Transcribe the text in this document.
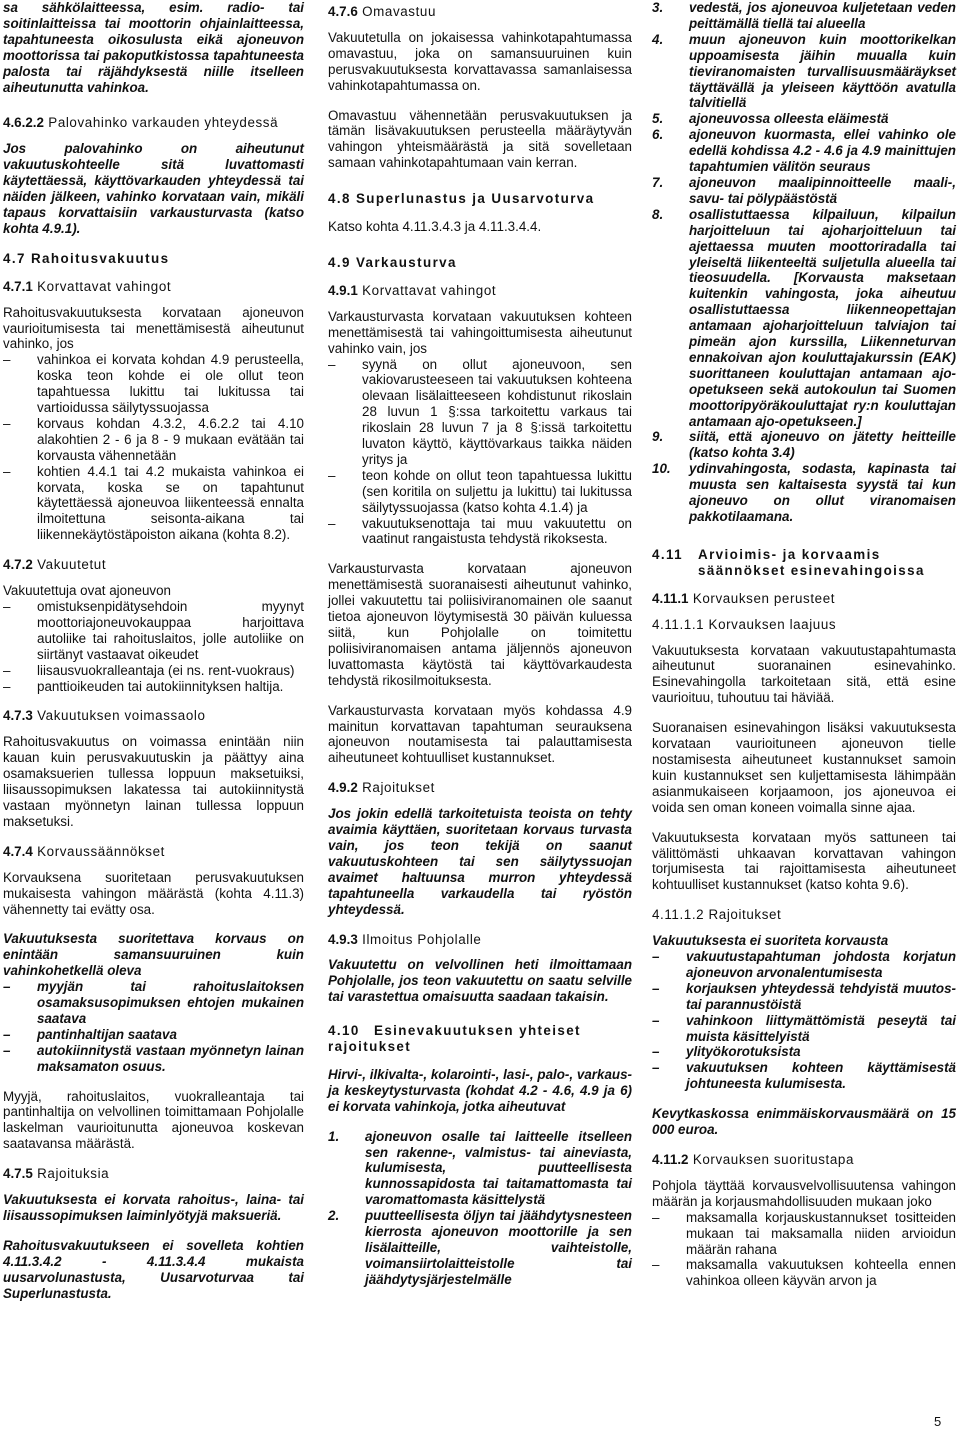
sa sähkölaitteessa, esim. radio- tai soitinlaitteissa tai moottorin ohjainlaitteessa, tapahtuneesta oikosulusta eikä ajoneuvon moottorissa tai pakoputkistossa tapahtuneesta palosta tai räjähdyksestä niille itselleen aiheutunutta vahinkoa.

4.6.2.2 Palovahinko varkauden yhteydessä

Jos palovahinko on aiheutunut vakuutuskohteelle sitä luvattomasti käytettäessä, käyttövarkauden yhteydessä tai näiden jälkeen, vahinko korvataan vain, mikäli tapaus korvattaisiin varkausturvasta (katso kohta 4.9.1).

4.7 Rahoitusvakuutus
4.7.1 Korvattavat vahingot

Rahoitusvakuutuksesta korvataan ajoneuvon vaurioitumisesta tai menettämisestä aiheutunut vahinko, jos

– vahinkoa ei korvata kohdan 4.9 perusteella, koska teon kohde ei ole ollut teon tapahtuessa lukittu tai lukitussa tai vartioidussa säilytyssuojassa
– korvaus kohdan 4.3.2, 4.6.2.2 tai 4.10 alakohtien 2 - 6 ja 8 - 9 mukaan evätään tai korvausta vähennetään
– kohtien 4.4.1 tai 4.2 mukaista vahinkoa ei korvata, koska se on tapahtunut käytettäessä ajoneuvoa liikenteessä ennalta ilmoitettuna seisonta-aikana tai liikennekäytöstäpoiston aikana (kohta 8.2).
4.7.2 Vakuutetut

Vakuutettuja ovat ajoneuvon

– omistuksenpidätysehdoin myynyt moottoriajoneuvokauppaa harjoittava autoliike tai rahoituslaitos, jolle autoliike on siirtänyt vastaavat oikeudet
– liisausvuokralleantaja (ei ns. rent-vuokraus)
– panttioikeuden tai autokiinnityksen haltija.
4.7.3 Vakuutuksen voimassaolo

Rahoitusvakuutus on voimassa enintään niin kauan kuin perusvakuutuskin ja päättyy aina osamaksuerien tullessa loppuun maksetuiksi, liisaussopimuksen lakatessa tai autokiinnitystä vastaan myönnetyn lainan tullessa loppuun maksetuksi.

4.7.4 Korvaussäännökset

Korvauksena suoritetaan perusvakuutuksen mukaisesta vahingon määrästä (kohta 4.11.3) vähennetty tai evätty osa.

Vakuutuksesta suoritettava korvaus on enintään samansuuruinen kuin vahinkohetkellä oleva

– myyjän tai rahoituslaitoksen osamaksusopimuksen ehtojen mukainen saatava
– pantinhaltijan saatava
– autokiinnitystä vastaan myönnetyn lainan maksamaton osuus.

Myyjä, rahoituslaitos, vuokralleantaja tai pantinhaltija on velvollinen toimittamaan Pohjolalle laskelman vaurioitunutta ajoneuvoa koskevan saatavansa määrästä.

4.7.5 Rajoituksia

Vakuutuksesta ei korvata rahoitus-, laina- tai liisaussopimuksen laiminlyötyjä maksueriä.

Rahoitusvakuutukseen ei sovelleta kohtien 4.11.3.4.2 - 4.11.3.4.4 mukaista uusarvolunastusta, Uusarvoturvaa tai Superlunastusta.

4.7.6 Omavastuu

Vakuutetulla on jokaisessa vahinkotapahtumassa omavastuu, joka on samansuuruinen kuin perusvakuutuksesta korvattavassa samanlaisessa vahinkotapahtumassa on.

Omavastuu vähennetään perusvakuutuksen ja tämän lisävakuutuksen perusteella määräytyvän vahingon yhteismäärästä ja sitä sovelletaan samaan vahinkotapahtumaan vain kerran.

4.8 Superlunastus ja Uusarvoturva

Katso kohta 4.11.3.4.3 ja 4.11.3.4.4.

4.9 Varkausturva
4.9.1 Korvattavat vahingot

Varkausturvasta korvataan vakuutuksen kohteen menettämisestä tai vahingoittumisesta aiheutunut vahinko vain, jos

– syynä on ollut ajoneuvoon, sen vakiovarusteeseen tai vakuutuksen kohteena olevaan lisälaitteeseen kohdistunut rikoslain 28 luvun 1 §:ssa tarkoitettu varkaus tai rikoslain 28 luvun 7 ja 8 §:issä tarkoitettu luvaton käyttö, käyttövarkaus taikka näiden yritys ja
– teon kohde on ollut teon tapahtuessa lukittu (sen koritila on suljettu ja lukittu) tai lukitussa säilytyssuojassa (katso kohta 4.1.4) ja
– vakuutuksenottaja tai muu vakuutettu on vaatinut rangaistusta tehdystä rikoksesta.

Varkausturvasta korvataan ajoneuvon menettämisestä suoranaisesti aiheutunut vahinko, jollei vakuutettu tai poliisiviranomainen ole saanut tietoa ajoneuvon löytymisestä 30 päivän kuluessa siitä, kun Pohjolalle on toimitettu poliisiviranomaisen antama jäljennös ajoneuvon luvattomasta käytöstä tai käyttövarkaudesta tehdystä rikosilmoituksesta.

Varkausturvasta korvataan myös kohdassa 4.9 mainitun korvattavan tapahtuman seurauksena ajoneuvon noutamisesta tai palauttamisesta aiheutuneet kohtuulliset kustannukset.

4.9.2 Rajoitukset

Jos jokin edellä tarkoitetuista teoista on tehty avaimia käyttäen, suoritetaan korvaus turvasta vain, jos teon tekijä on saanut vakuutuskohteen tai sen säilytyssuojan avaimet haltuunsa murron yhteydessä tapahtuneella varkaudella tai ryöstön yhteydessä.

4.9.3 Ilmoitus Pohjolalle

Vakuutettu on velvollinen heti ilmoittamaan Pohjolalle, jos teon vakuutettu on saatu selville tai varastettua omaisuutta saadaan takaisin.

4.10	Esinevakuutuksen yhteiset
rajoitukset

Hirvi-, ilkivalta-, kolarointi-, lasi-, palo-, varkaus- ja keskeytysturvasta (kohdat 4.2 - 4.6, 4.9 ja 6) ei korvata vahinkoja, jotka aiheutuvat

1. ajoneuvon osalle tai laitteelle itselleen sen rakenne-, valmistus- tai aineviasta, kulumisesta, puutteellisesta kunnossapidosta tai taitamattomasta tai varomattomasta käsittelystä
2. puutteellisesta öljyn tai jäähdytysnesteen kierrosta ajoneuvon moottorille ja sen lisälaitteille, vaihteistolle, voimansiirtolaitteistolle tai jäähdytysjärjestelmälle
3. vedestä, jos ajoneuvoa kuljetetaan veden peittämällä tiellä tai alueella
4. muun ajoneuvon kuin moottorikelkan uppoamisesta jäihin muualla kuin tieviranomaisten turvallisuusmääräykset täyttävällä ja yleiseen käyttöön avatulla talvitiellä
5. ajoneuvossa olleesta eläimestä
6. ajoneuvon kuormasta, ellei vahinko ole edellä kohdissa 4.2 - 4.6 ja 4.9 mainittujen tapahtumien välitön seuraus
7. ajoneuvon maalipinnoitteelle maali-, savu- tai pölypäästöstä
8. osallistuttaessa kilpailuun, kilpailun harjoitteluun tai ajoharjoitteluun tai ajettaessa muuten moottoriradalla tai yleiseltä liikenteeltä suljetulla alueella tai tieosuudella. [Korvausta maksetaan kuitenkin vahingosta, joka aiheutuu osallistuttaessa liikenneopettajan antamaan ajoharjoitteluun talviajon tai pimeän ajon kurssilla, Liikenneturvan ennakoivan ajon kouluttajakurssin (EAK) suorittaneen kouluttajan antamaan ajo-opetukseen sekä autokoulun tai Suomen moottoripyöräkouluttajat ry:n kouluttajan antamaan ajo-opetukseen.]
9. siitä, että ajoneuvo on jätetty heitteille (katso kohta 3.4)
10. ydinvahingosta, sodasta, kapinasta tai muusta sen kaltaisesta syystä tai kun ajoneuvo on ollut viranomaisen pakkotilaamana.
4.11	Arvioimis- ja korvaamis
säännökset esinevahingoissa
4.11.1 Korvauksen perusteet
4.11.1.1 Korvauksen laajuus

Vakuutuksesta korvataan vakuutustapahtumasta aiheutunut suoranainen esinevahinko. Esinevahingolla tarkoitetaan sitä, että esine vaurioituu, tuhoutuu tai häviää.

Suoranaisen esinevahingon lisäksi vakuutuksesta korvataan vaurioituneen ajoneuvon tielle nostamisesta aiheutuneet kustannukset samoin kuin kustannukset sen kuljettamisesta lähimpään asianmukaiseen korjaamoon, jos ajoneuvoa ei voida sen oman koneen voimalla sinne ajaa.

Vakuutuksesta korvataan myös sattuneen tai välittömästi uhkaavan korvattavan vahingon torjumisesta tai rajoittamisesta aiheutuneet kohtuulliset kustannukset (katso kohta 9.6).

4.11.1.2 Rajoitukset

Vakuutuksesta ei suoriteta korvausta

– vakuutustapahtuman johdosta korjatun ajoneuvon arvonalentumisesta
– korjauksen yhteydessä tehdyistä muutos- tai parannustöistä
– vahinkoon liittymättömistä peseytä tai muista käsittelyistä
– ylityökorotuksista
– vakuutuksen kohteen käyttämisestä johtuneesta kulumisesta.

Kevytkaskossa enimmäiskorvausmäärä on 15 000 euroa.

4.11.2 Korvauksen suoritustapa

Pohjola täyttää korvausvelvollisuutensa vahingon määrän ja korjausmahdollisuuden mukaan joko

– maksamalla korjauskustannukset tositteiden mukaan tai maksamalla niiden arvioidun määrän rahana
– maksamalla vakuutuksen kohteella ennen vahinkoa olleen käyvän arvon ja
5
